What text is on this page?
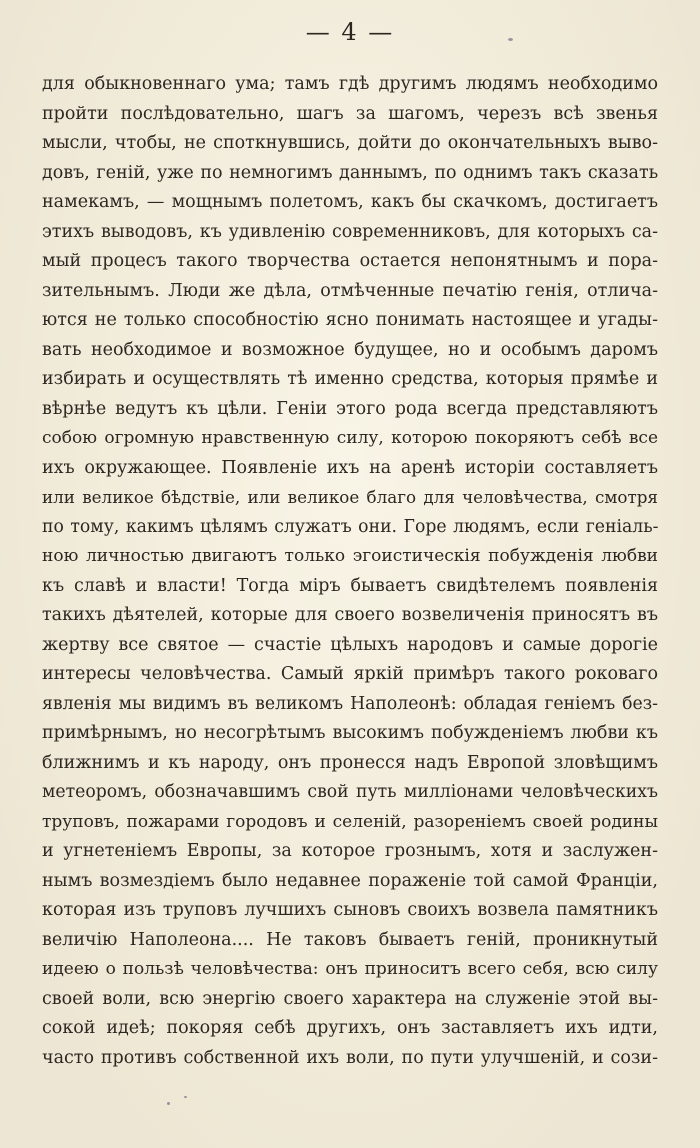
— 4 —
для обыкновеннаго ума; тамъ гдѣ другимъ людямъ необходимо
пройти послѣдовательно, шагъ за шагомъ, черезъ всѣ звенья
мысли, чтобы, не споткнувшись, дойти до окончательныхъ выво-
довъ, геній, уже по немногимъ даннымъ, по однимъ такъ сказать
намекамъ, — мощнымъ полетомъ, какъ бы скачкомъ, достигаетъ
этихъ выводовъ, къ удивленію современниковъ, для которыхъ са-
мый процесъ такого творчества остается непонятнымъ и пора-
зительнымъ. Люди же дѣла, отмѣченные печатію генія, отлича-
ются не только способностію ясно понимать настоящее и угады-
вать необходимое и возможное будущее, но и особымъ даромъ
избирать и осуществлять тѣ именно средства, которыя прямѣе и
вѣрнѣе ведутъ къ цѣли. Геніи этого рода всегда представляютъ
собою огромную нравственную силу, которою покоряютъ себѣ все
ихъ окружающее. Появленіе ихъ на аренѣ исторіи составляетъ
или великое бѣдствіе, или великое благо для человѣчества, смотря
по тому, какимъ цѣлямъ служатъ они. Горе людямъ, если геніаль-
ною личностью двигаютъ только эгоистическія побужденія любви
къ славѣ и власти! Тогда міръ бываетъ свидѣтелемъ появленія
такихъ дѣятелей, которые для своего возвеличенія приносятъ въ
жертву все святое — счастіе цѣлыхъ народовъ и самые дорогіе
интересы человѣчества. Самый яркій примѣръ такого роковаго
явленія мы видимъ въ великомъ Наполеонѣ: обладая геніемъ без-
примѣрнымъ, но несогрѣтымъ высокимъ побужденіемъ любви къ
ближнимъ и къ народу, онъ пронесся надъ Европой зловѣщимъ
метеоромъ, обозначавшимъ свой путь милліонами человѣческихъ
труповъ, пожарами городовъ и селеній, разореніемъ своей родины
и угнетеніемъ Европы, за которое грознымъ, хотя и заслужен-
нымъ возмездіемъ было недавнее пораженіе той самой Франціи,
которая изъ труповъ лучшихъ сыновъ своихъ возвела памятникъ
величію Наполеона.... Не таковъ бываетъ геній, проникнутый
идеею о пользѣ человѣчества: онъ приноситъ всего себя, всю силу
своей воли, всю энергію своего характера на служеніе этой вы-
сокой идеѣ; покоряя себѣ другихъ, онъ заставляетъ ихъ идти,
часто противъ собственной ихъ воли, по пути улучшеній, и сози-
